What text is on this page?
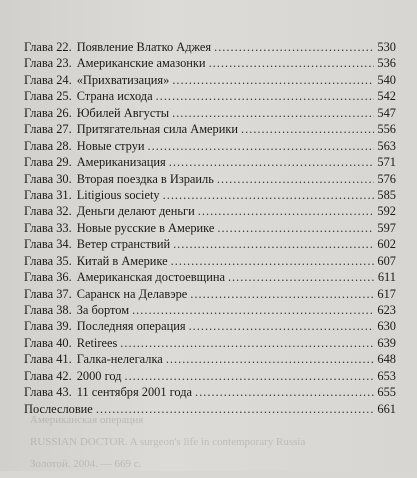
Глава 22. Появление Влатко Аджея .....	530
Глава 23. Американские амазонки .....	536
Глава 24. «Прихватизация» .....	540
Глава 25. Страна исхода .....	542
Глава 26. Юбилей Августы .....	547
Глава 27. Притягательная сила Америки .....	556
Глава 28. Новые струи .....	563
Глава 29. Американизация .....	571
Глава 30. Вторая поездка в Израиль .....	576
Глава 31. Litigious society .....	585
Глава 32. Деньги делают деньги .....	592
Глава 33. Новые русские в Америке .....	597
Глава 34. Ветер странствий .....	602
Глава 35. Китай в Америке .....	607
Глава 36. Американская достоевщина .....	611
Глава 37. Саранск на Делавэре .....	617
Глава 38. За бортом .....	623
Глава 39. Последняя операция .....	630
Глава 40. Retirees .....	639
Глава 41. Галка-нелегалка .....	648
Глава 42. 2000 год .....	653
Глава 43. 11 сентября 2001 года .....	655
Послесловие .....	661
Американская операция
RUSSIAN DOCTOR. A surgeon's life in contemporary Russia
Золотой. 2004. — 669 с.
